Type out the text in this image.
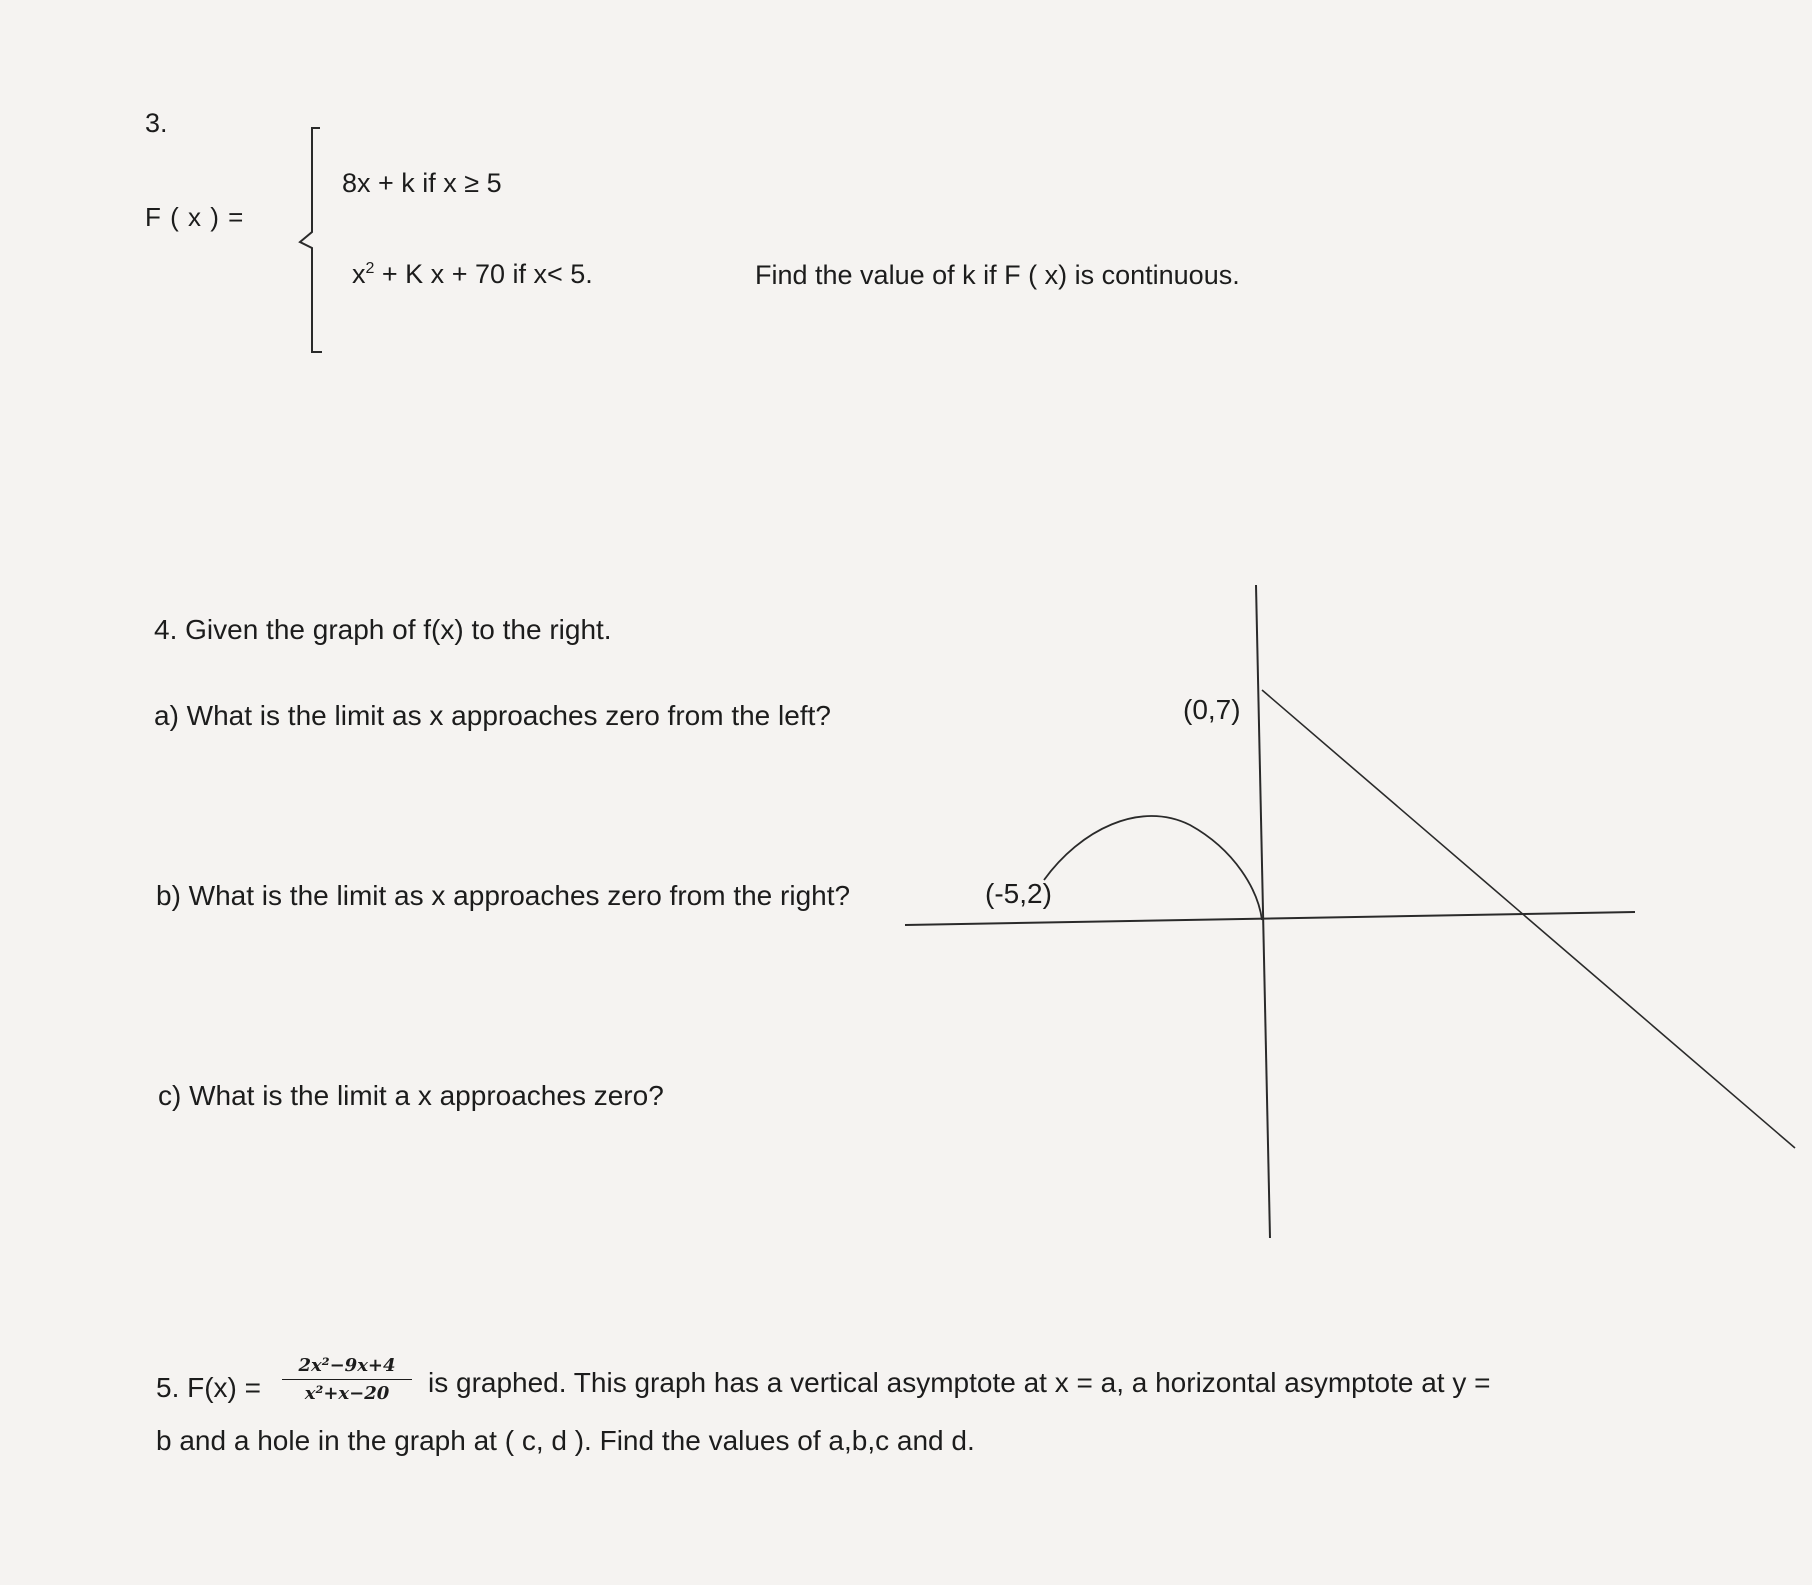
3.
F ( x ) =
8x + k if x ≥ 5
$x^2 + K$ x + 70 if x< 5.	Find the value of k if F ( x) is continuous.
4. Given the graph of f(x) to the right.
a) What is the limit as x approaches zero from the left?
b) What is the limit as x approaches zero from the right?
c) What is the limit a x approaches zero?
(0,7)
(-5,2)
5. $F(x) = \frac{\text{2x²−9x+4}}{\text{x²+x−20}}$ is graphed. This graph has a vertical asymptote at x = a, a horizontal asymptote at y =
b and a hole in the graph at ( c, d ). Find the values of a,b,c and d.
